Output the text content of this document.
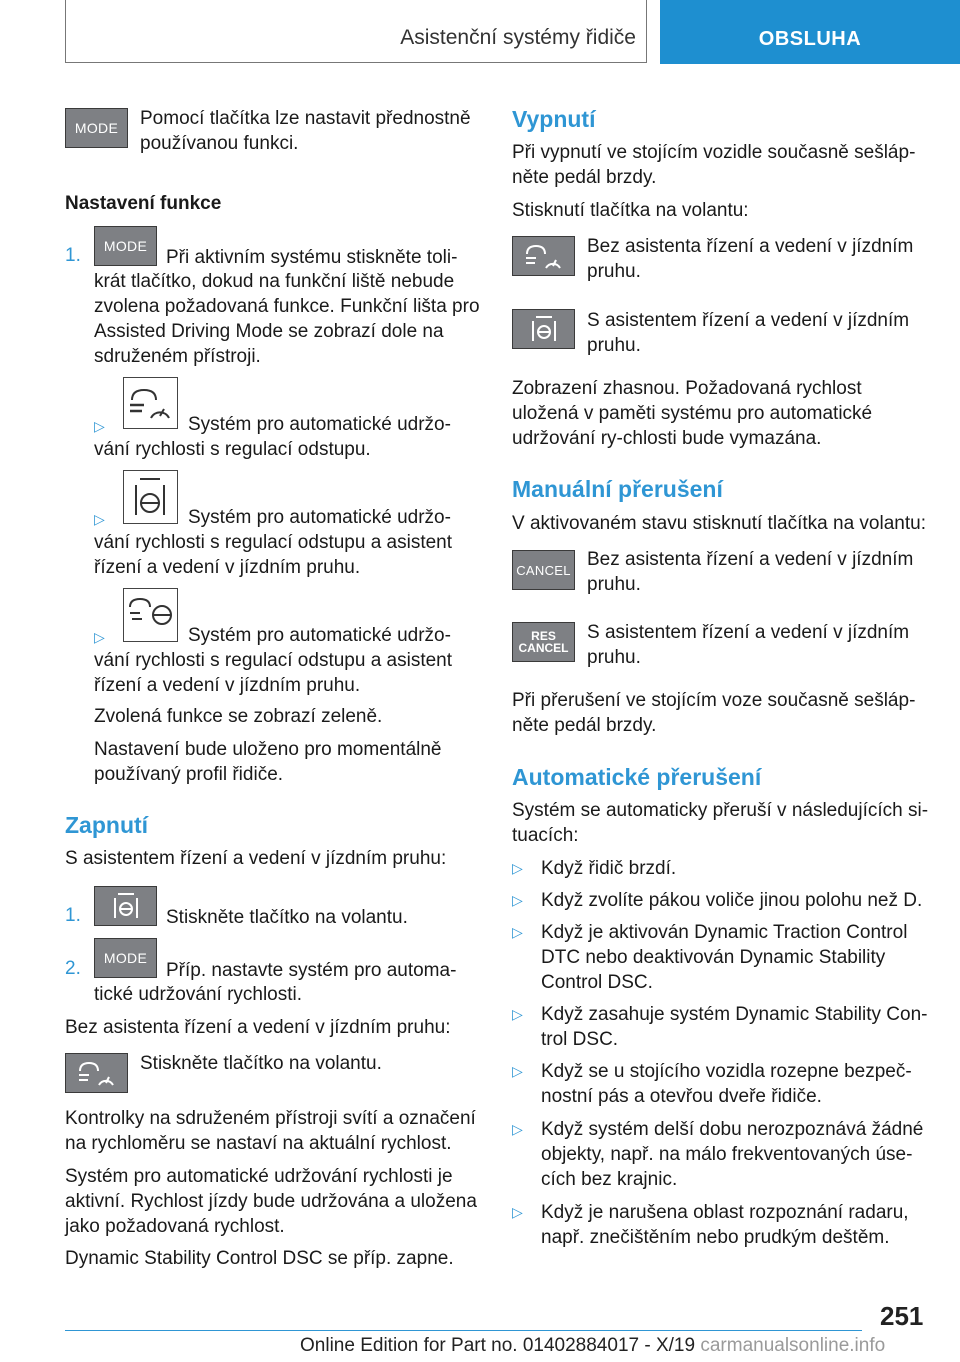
Asistenční systémy řidiče	OBSLUHA
MODE Pomocí tlačítka lze nastavit přednostně používanou funkci.
Nastavení funkce
1. MODE
Při aktivním systému stiskněte toli-
krát tlačítko, dokud na funkční liště nebude zvolena požadovaná funkce. Funkční lišta pro Assisted Driving Mode se zobrazí dole na sdruženém přístroji.
▷	Systém pro automatické udržo-
vání rychlosti s regulací odstupu.
▷	Systém pro automatické udržo-
vání rychlosti s regulací odstupu a asistent řízení a vedení v jízdním pruhu.
▷	Systém pro automatické udržo-
vání rychlosti s regulací odstupu a asistent řízení a vedení v jízdním pruhu.
Zvolená funkce se zobrazí zeleně.
Nastavení bude uloženo pro momentálně používaný profil řidiče.
Zapnutí
S asistentem řízení a vedení v jízdním pruhu:
1.	Stiskněte tlačítko na volantu.
2. MODE
Příp. nastavte systém pro automa-
tické udržování rychlosti.
Bez asistenta řízení a vedení v jízdním pruhu:
Stiskněte tlačítko na volantu.
Kontrolky na sdruženém přístroji svítí a označení na rychloměru se nastaví na aktuální rychlost.
Systém pro automatické udržování rychlosti je aktivní. Rychlost jízdy bude udržována a uložena jako požadovaná rychlost.
Dynamic Stability Control DSC se příp. zapne.
Vypnutí
Při vypnutí ve stojícím vozidle současně sešláp-něte pedál brzdy.
Stisknutí tlačítka na volantu:
Bez asistenta řízení a vedení v jízdním pruhu.
S asistentem řízení a vedení v jízdním pruhu.
Zobrazení zhasnou. Požadovaná rychlost uložená v paměti systému pro automatické udržování ry-chlosti bude vymazána.
Manuální přerušení
V aktivovaném stavu stisknutí tlačítka na volantu:
CANCEL Bez asistenta řízení a vedení v jízdním pruhu.
RES
CANCEL
S asistentem řízení a vedení v jízdním pruhu.
Při přerušení ve stojícím voze současně sešláp-něte pedál brzdy.
Automatické přerušení
Systém se automaticky přeruší v následujících si-tuacích:
▷ Když řidič brzdí.
▷ Když zvolíte pákou voliče jinou polohu než D.
▷ Když je aktivován Dynamic Traction Control DTC nebo deaktivován Dynamic Stability Control DSC.
▷ Když zasahuje systém Dynamic Stability Con-trol DSC.
▷ Když se u stojícího vozidla rozepne bezpeč-nostní pás a otevřou dveře řidiče.
▷ Když systém delší dobu nerozpoznává žádné objekty, např. na málo frekventovaných úse-cích bez krajnic.
▷ Když je narušena oblast rozpoznání radaru, např. znečištěním nebo prudkým deštěm.
251
Online Edition for Part no. 01402884017 - X/19 carmanualsonline.info
